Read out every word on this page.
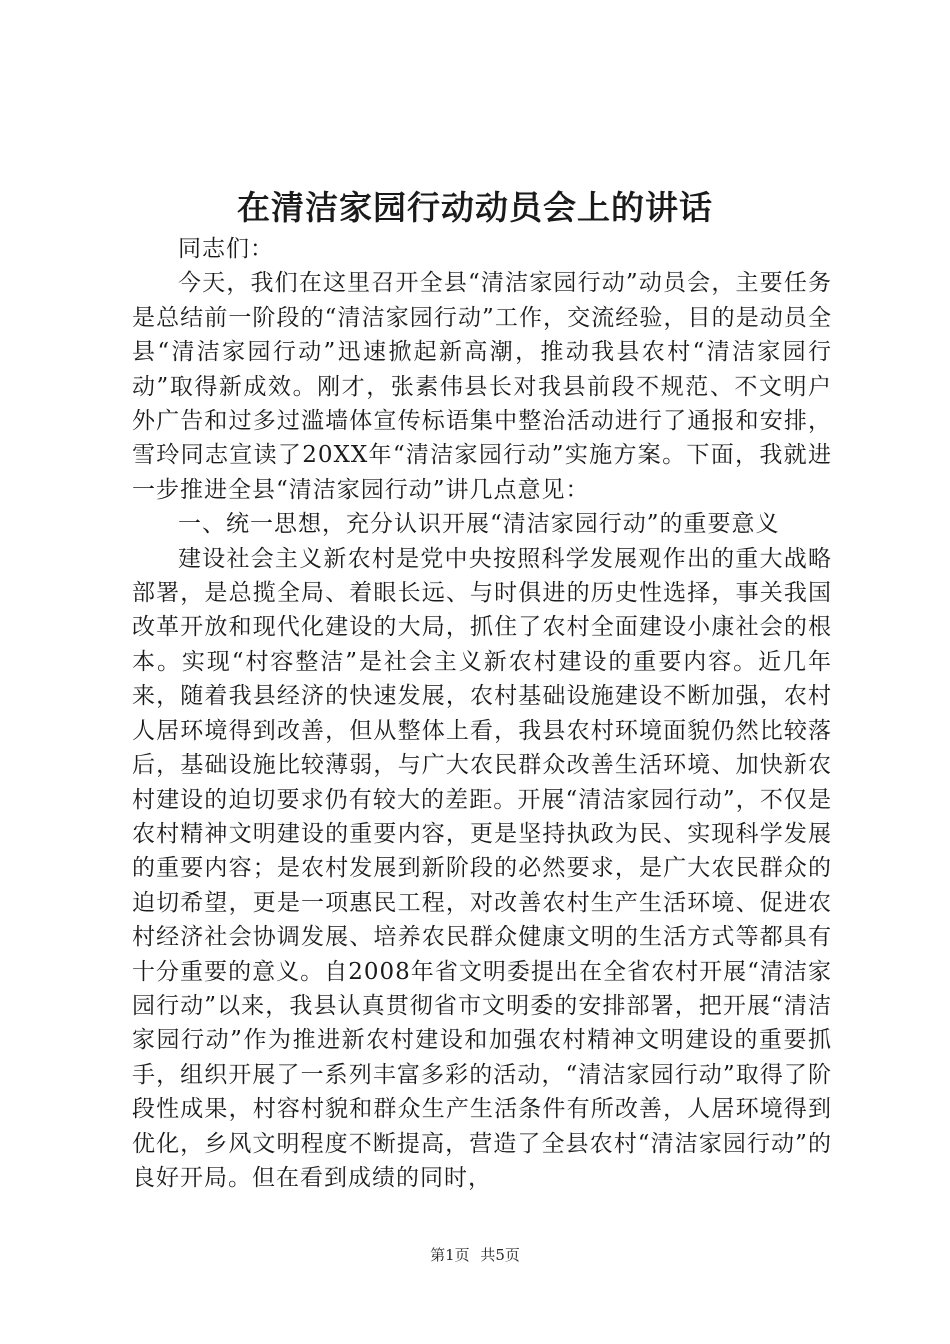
在清洁家园行动动员会上的讲话

同志们：

今天，我们在这里召开全县“清洁家园行动”动员会，主要任务是总结前一阶段的“清洁家园行动”工作，交流经验，目的是动员全县“清洁家园行动”迅速掀起新高潮，推动我县农村“清洁家园行动”取得新成效。刚才，张素伟县长对我县前段不规范、不文明户外广告和过多过滥墙体宣传标语集中整治活动进行了通报和安排，雪玲同志宣读了20XX年“清洁家园行动”实施方案。下面，我就进一步推进全县“清洁家园行动”讲几点意见：

一、统一思想，充分认识开展“清洁家园行动”的重要意义

建设社会主义新农村是党中央按照科学发展观作出的重大战略部署，是总揽全局、着眼长远、与时俱进的历史性选择，事关我国改革开放和现代化建设的大局，抓住了农村全面建设小康社会的根本。实现“村容整洁”是社会主义新农村建设的重要内容。近几年来，随着我县经济的快速发展，农村基础设施建设不断加强，农村人居环境得到改善，但从整体上看，我县农村环境面貌仍然比较落后，基础设施比较薄弱，与广大农民群众改善生活环境、加快新农村建设的迫切要求仍有较大的差距。开展“清洁家园行动”，不仅是农村精神文明建设的重要内容，更是坚持执政为民、实现科学发展的重要内容；是农村发展到新阶段的必然要求，是广大农民群众的迫切希望，更是一项惠民工程，对改善农村生产生活环境、促进农村经济社会协调发展、培养农民群众健康文明的生活方式等都具有十分重要的意义。自2008年省文明委提出在全省农村开展“清洁家园行动”以来，我县认真贯彻省市文明委的安排部署，把开展“清洁家园行动”作为推进新农村建设和加强农村精神文明建设的重要抓手，组织开展了一系列丰富多彩的活动，“清洁家园行动”取得了阶段性成果，村容村貌和群众生产生活条件有所改善，人居环境得到优化，乡风文明程度不断提高，营造了全县农村“清洁家园行动”的良好开局。但在看到成绩的同时，

第1页 共5页
